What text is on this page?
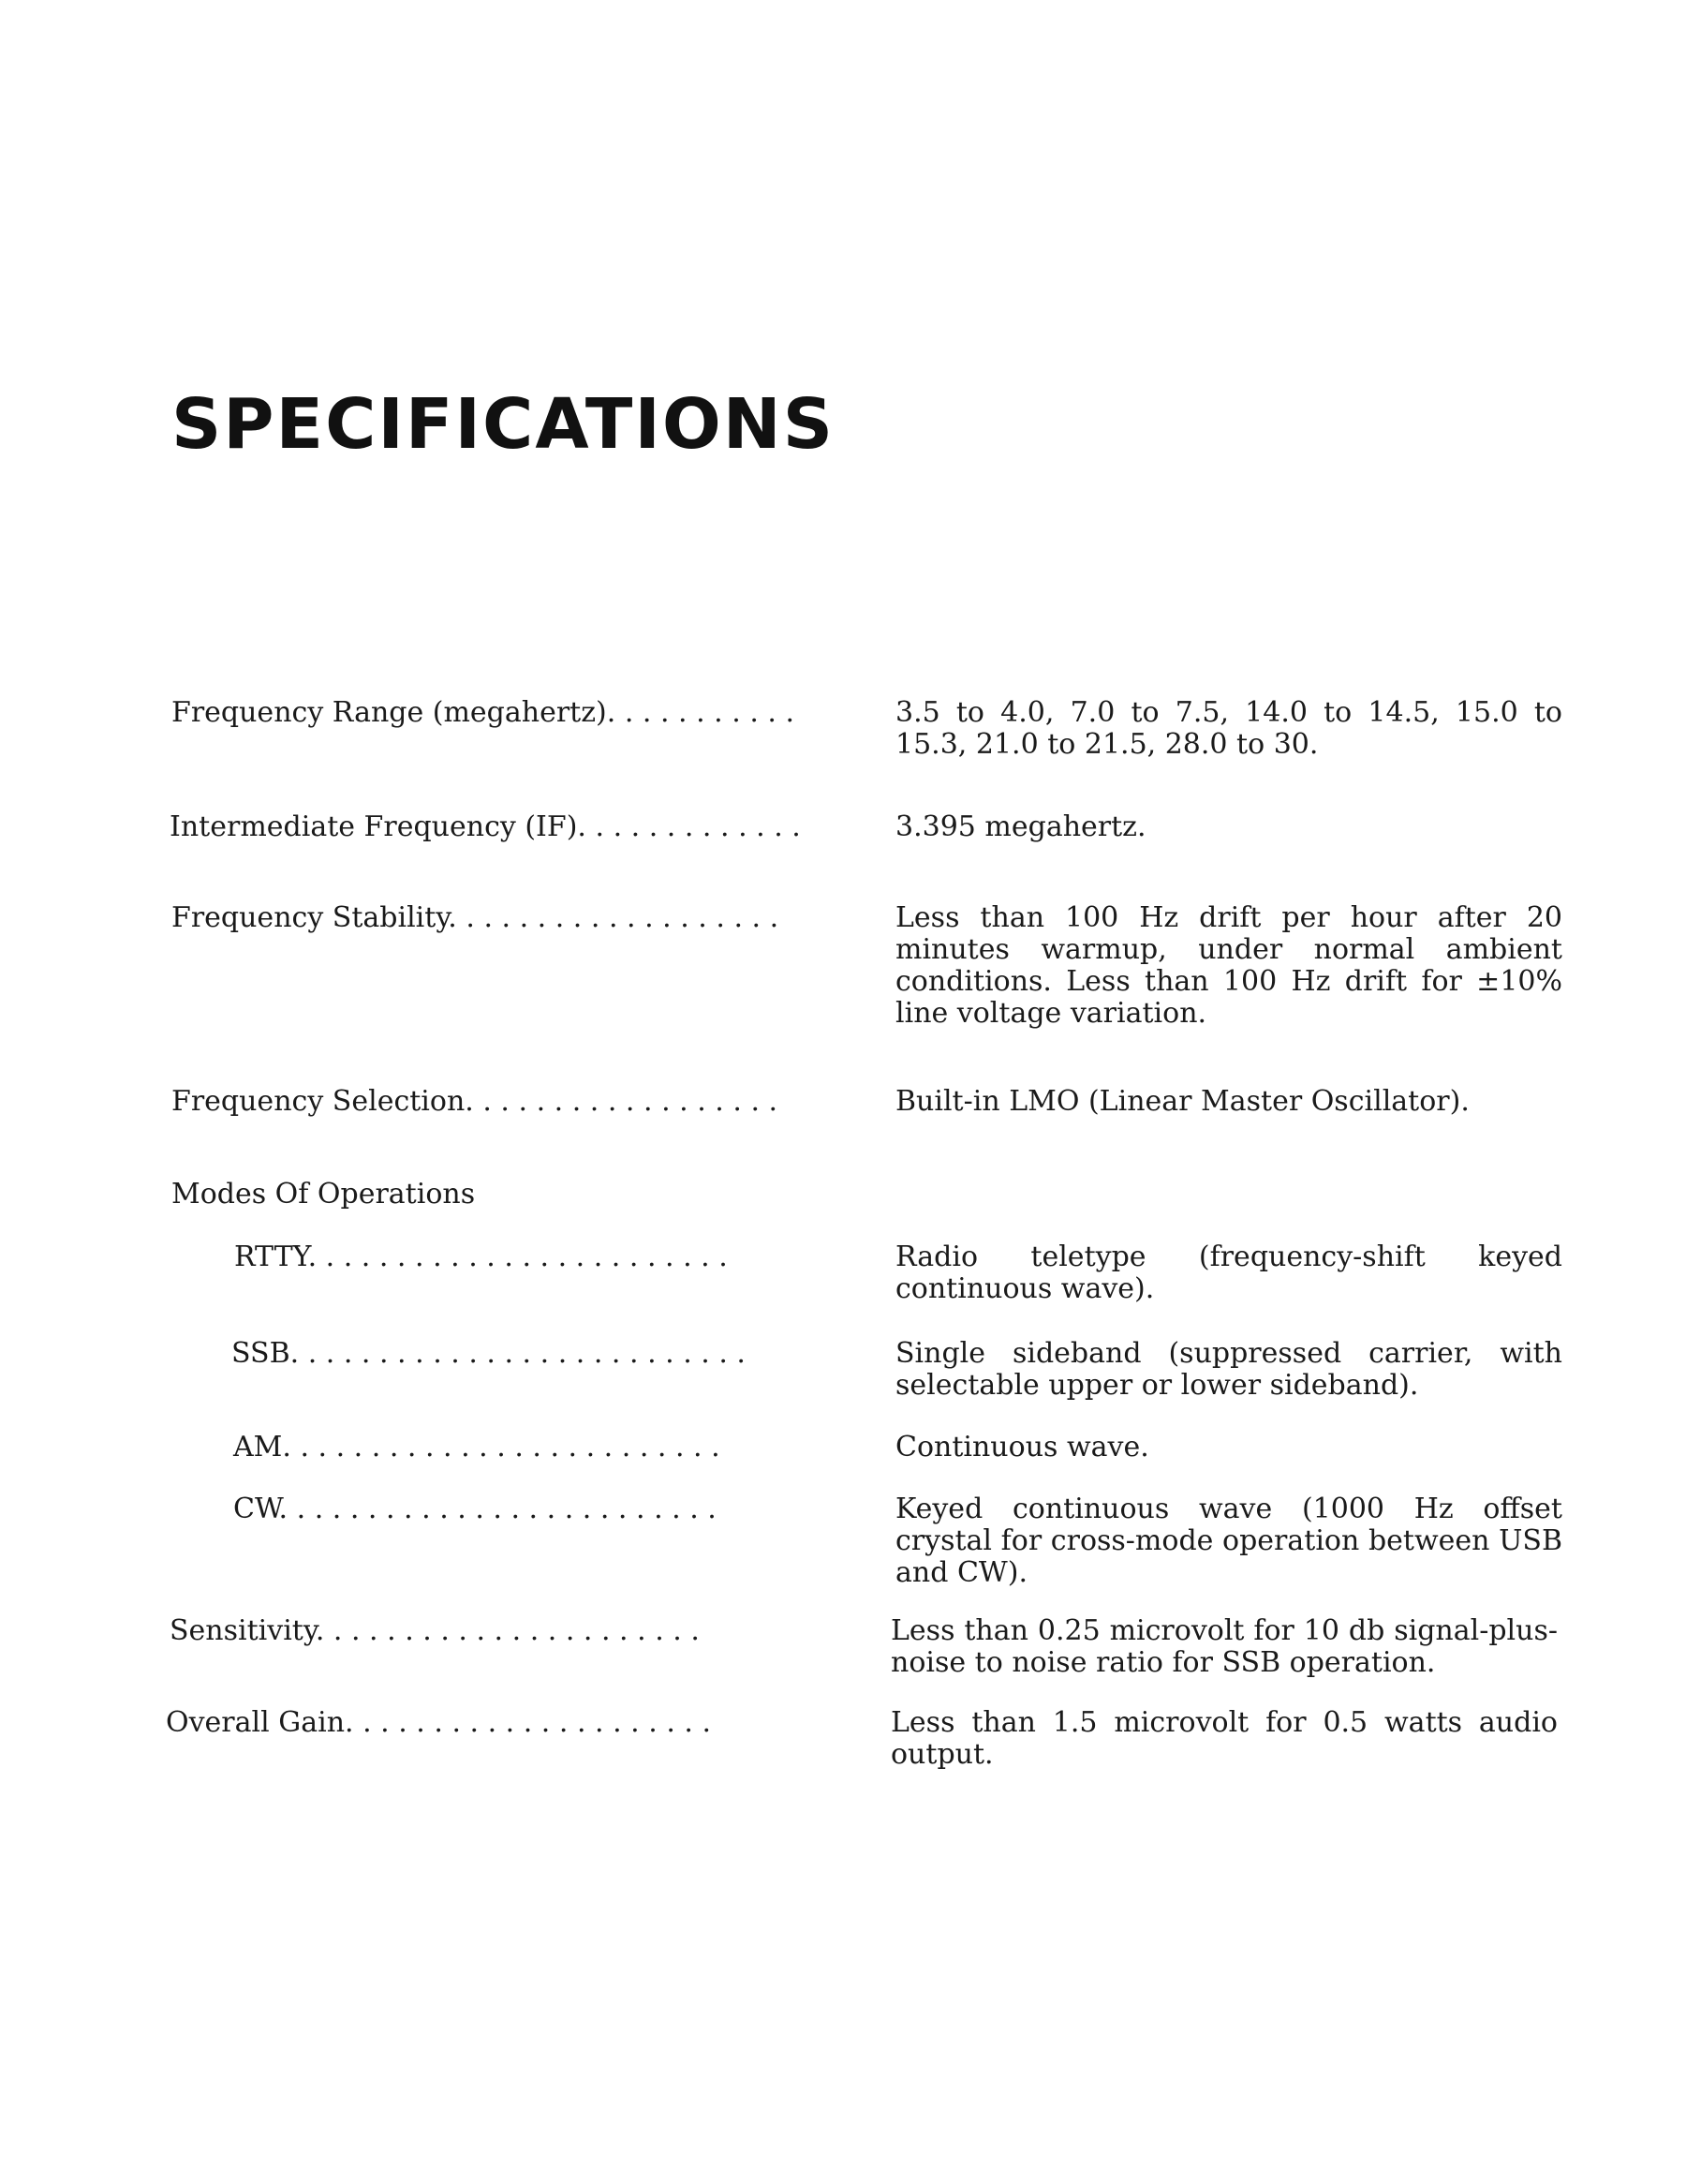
SPECIFICATIONS
Frequency Range (megahertz). . . . . . . . . . .	3.5 to 4.0, 7.0 to 7.5, 14.0 to 14.5, 15.0 to 15.3, 21.0 to 21.5, 28.0 to 30.
Intermediate Frequency (IF). . . . . . . . . . . . .	3.395 megahertz.
Frequency Stability. . . . . . . . . . . . . . . . . . .	Less than 100 Hz drift per hour after 20 minutes warmup, under normal ambient conditions. Less than 100 Hz drift for ±10% line voltage variation.
Frequency Selection. . . . . . . . . . . . . . . . . .	Built-in LMO (Linear Master Oscillator).
Modes Of Operations
RTTY. . . . . . . . . . . . . . . . . . . . . . . .	Radio teletype (frequency-shift keyed continuous wave).
SSB. . . . . . . . . . . . . . . . . . . . . . . . . .	Single sideband (suppressed carrier, with selectable upper or lower sideband).
AM. . . . . . . . . . . . . . . . . . . . . . . . .	Continuous wave.
CW. . . . . . . . . . . . . . . . . . . . . . . . .	Keyed continuous wave (1000 Hz offset crystal for cross-mode operation between USB and CW).
Sensitivity. . . . . . . . . . . . . . . . . . . . . .	Less than 0.25 microvolt for 10 db signal-plus-noise to noise ratio for SSB operation.
Overall Gain. . . . . . . . . . . . . . . . . . . . .	Less than 1.5 microvolt for 0.5 watts audio output.
